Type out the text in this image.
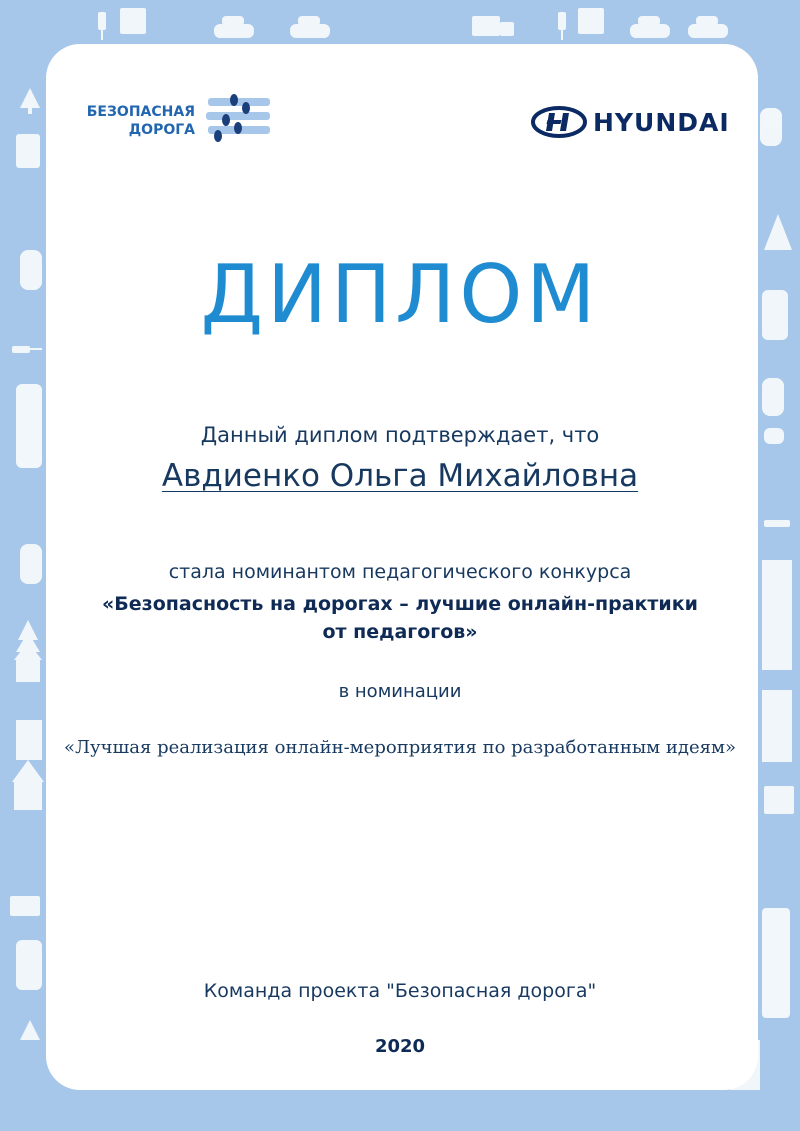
БЕЗОПАСНАЯ
ДОРОГА	HYUNDAI
ДИПЛОМ
Данный диплом подтверждает, что
Авдиенко Ольга Михайловна
стала номинантом педагогического конкурса
«Безопасность на дорогах – лучшие онлайн-практики
от педагогов»
в номинации
«Лучшая реализация онлайн-мероприятия по разработанным идеям»
Команда проекта "Безопасная дорога"
2020
